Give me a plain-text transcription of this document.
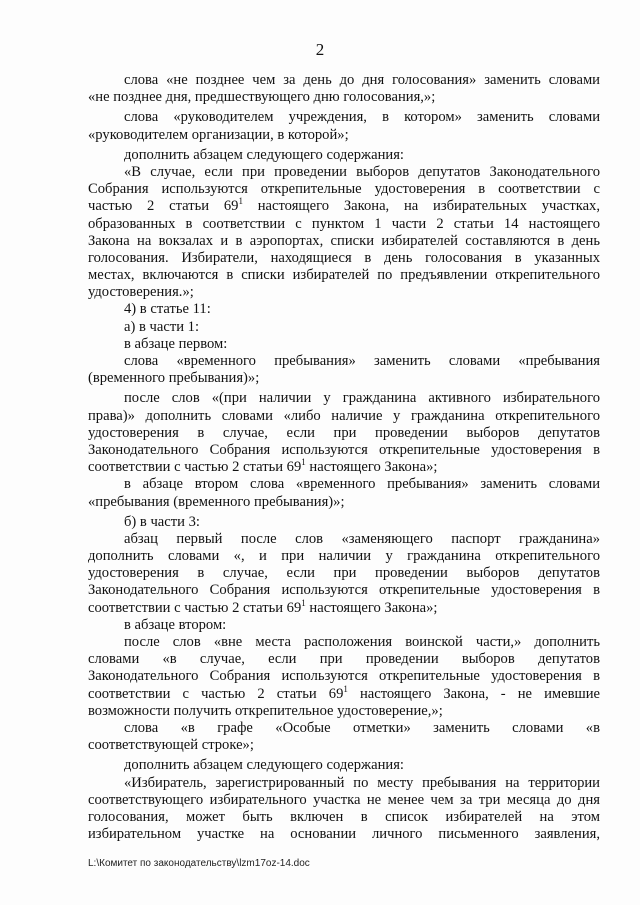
2
слова «не позднее чем за день до дня голосования» заменить словами
«не позднее дня, предшествующего дню голосования,»;
слова «руководителем учреждения, в котором» заменить словами
«руководителем организации, в которой»;
дополнить абзацем следующего содержания:
«В случае, если при проведении выборов депутатов Законодательного
Собрания используются открепительные удостоверения в соответствии с
частью 2 статьи $69^1$ настоящего Закона, на избирательных участках,
образованных в соответствии с пунктом 1 части 2 статьи 14 настоящего
Закона на вокзалах и в аэропортах, списки избирателей составляются в день
голосования. Избиратели, находящиеся в день голосования в указанных
местах, включаются в списки избирателей по предъявлении открепительного
удостоверения.»;
4) в статье 11:
а) в части 1:
в абзаце первом:
слова «временного пребывания» заменить словами «пребывания
(временного пребывания)»;
после слов «(при наличии у гражданина активного избирательного
права)» дополнить словами «либо наличие у гражданина открепительного
удостоверения в случае, если при проведении выборов депутатов
Законодательного Собрания используются открепительные удостоверения в
соответствии с частью 2 статьи $69^1$ настоящего Закона»;
в абзаце втором слова «временного пребывания» заменить словами
«пребывания (временного пребывания)»;
б) в части 3:
абзац первый после слов «заменяющего паспорт гражданина»
дополнить словами «, и при наличии у гражданина открепительного
удостоверения в случае, если при проведении выборов депутатов
Законодательного Собрания используются открепительные удостоверения в
соответствии с частью 2 статьи $69^1$ настоящего Закона»;
в абзаце втором:
после слов «вне места расположения воинской части,» дополнить
словами «в случае, если при проведении выборов депутатов
Законодательного Собрания используются открепительные удостоверения в
соответствии с частью 2 статьи $69^1$ настоящего Закона, - не имевшие
возможности получить открепительное удостоверение,»;
слова «в графе «Особые отметки» заменить словами «в
соответствующей строке»;
дополнить абзацем следующего содержания:
«Избиратель, зарегистрированный по месту пребывания на территории
соответствующего избирательного участка не менее чем за три месяца до дня
голосования, может быть включен в список избирателей на этом
избирательном участке на основании личного письменного заявления,
L:\Комитет по законодательству\lzm17oz-14.doc
